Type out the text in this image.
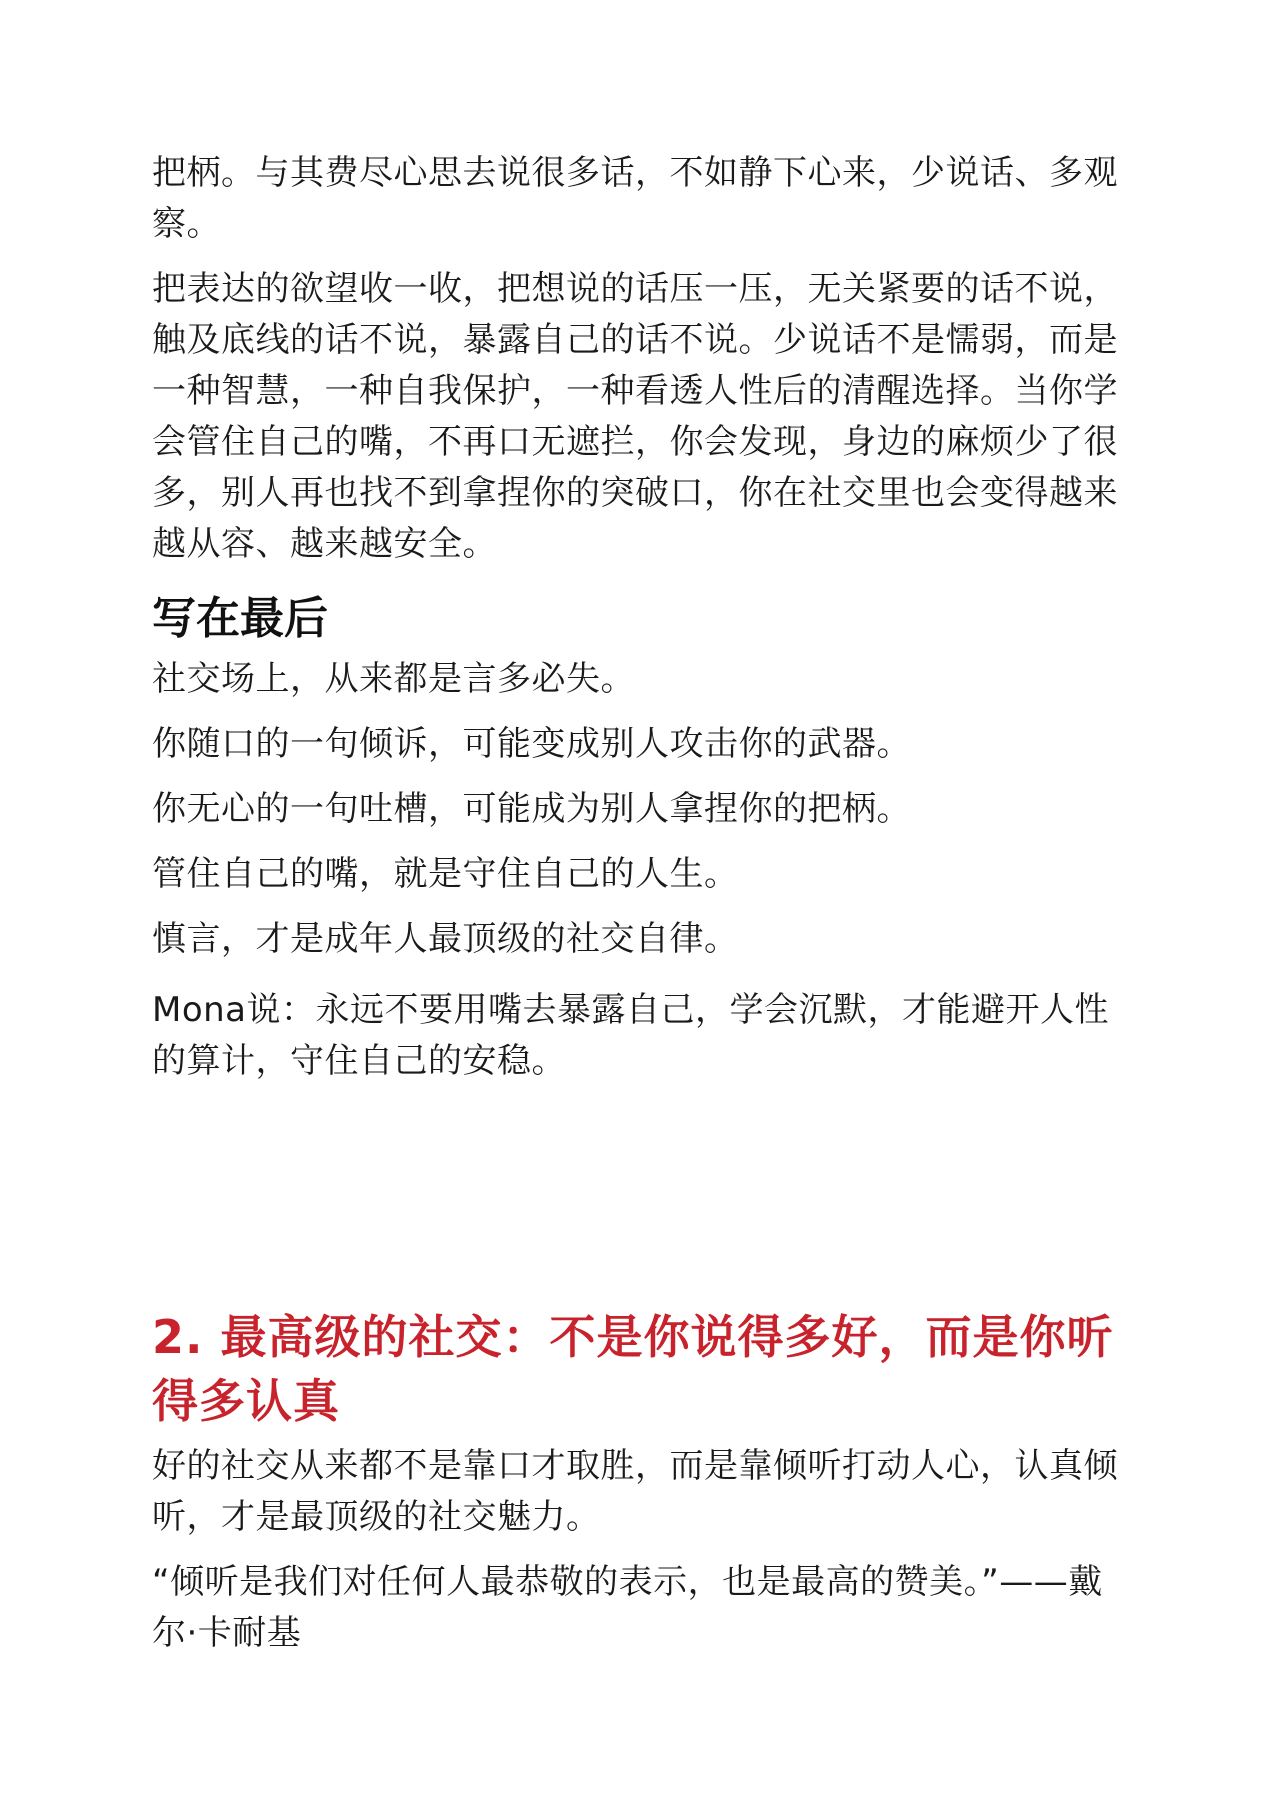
把柄。与其费尽心思去说很多话，不如静下心来，少说话、多观察。

把表达的欲望收一收，把想说的话压一压，无关紧要的话不说，触及底线的话不说，暴露自己的话不说。少说话不是懦弱，而是一种智慧，一种自我保护，一种看透人性后的清醒选择。当你学会管住自己的嘴，不再口无遮拦，你会发现，身边的麻烦少了很多，别人再也找不到拿捏你的突破口，你在社交里也会变得越来越从容、越来越安全。

写在最后

社交场上，从来都是言多必失。

你随口的一句倾诉，可能变成别人攻击你的武器。

你无心的一句吐槽，可能成为别人拿捏你的把柄。

管住自己的嘴，就是守住自己的人生。

慎言，才是成年人最顶级的社交自律。

Mona说：永远不要用嘴去暴露自己，学会沉默，才能避开人性的算计，守住自己的安稳。

2. 最高级的社交：不是你说得多好，而是你听得多认真

好的社交从来都不是靠口才取胜，而是靠倾听打动人心，认真倾听，才是最顶级的社交魅力。

“倾听是我们对任何人最恭敬的表示，也是最高的赞美。”——戴尔·卡耐基
